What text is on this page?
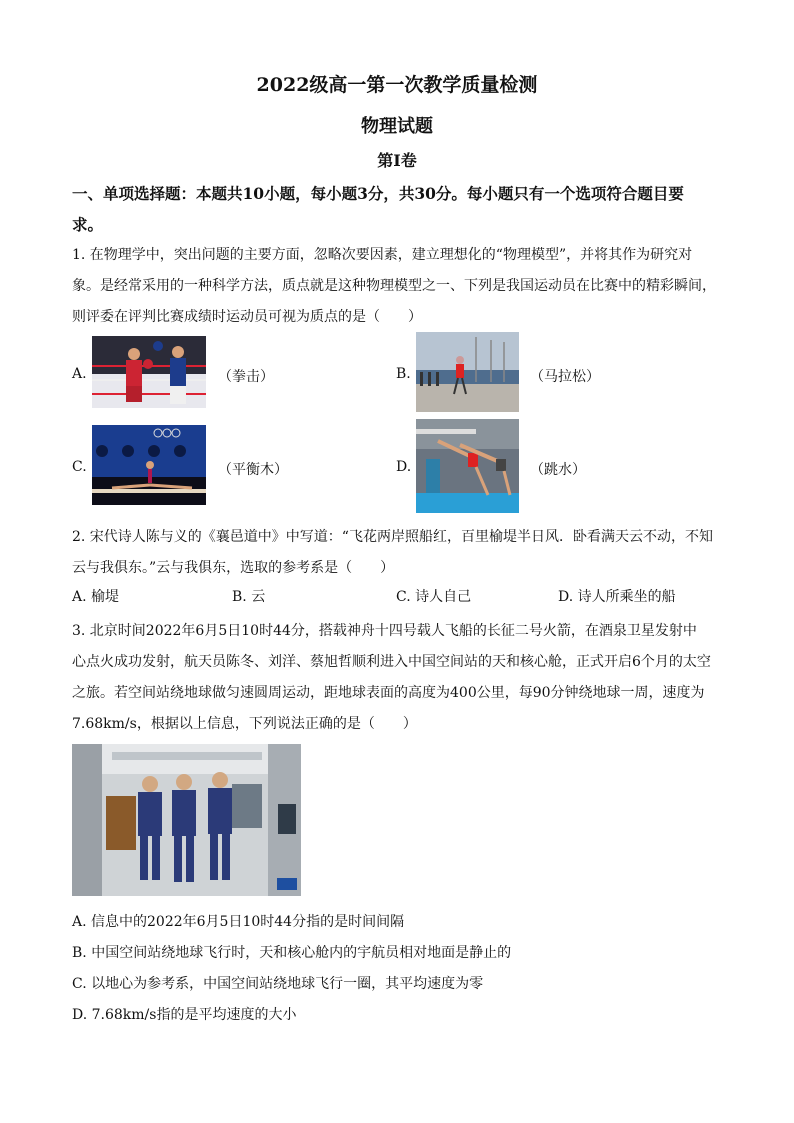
2022级高一第一次教学质量检测
物理试题
第I卷
一、单项选择题：本题共10小题，每小题3分，共30分。每小题只有一个选项符合题目要
求。
1. 在物理学中，突出问题的主要方面，忽略次要因素，建立理想化的“物理模型”，并将其作为研究对
象。是经常采用的一种科学方法，质点就是这种物理模型之一、下列是我国运动员在比赛中的精彩瞬间，
则评委在评判比赛成绩时运动员可视为质点的是（　　）
A.	（拳击）	B.	（马拉松）
C.	（平衡木）	D.	（跳水）
2. 宋代诗人陈与义的《襄邑道中》中写道：“飞花两岸照船红，百里榆堤半日风．卧看满天云不动，不知
云与我俱东。”云与我俱东，选取的参考系是（　　）
A. 榆堤	B. 云	C. 诗人自己	D. 诗人所乘坐的船
3. 北京时间2022年6月5日10时44分，搭载神舟十四号载人飞船的长征二号火箭，在酒泉卫星发射中
心点火成功发射，航天员陈冬、刘洋、蔡旭哲顺利进入中国空间站的天和核心舱，正式开启6个月的太空
之旅。若空间站绕地球做匀速圆周运动，距地球表面的高度为400公里，每90分钟绕地球一周，速度为
7.68km/s，根据以上信息，下列说法正确的是（　　）
A. 信息中的2022年6月5日10时44分指的是时间间隔
B. 中国空间站绕地球飞行时，天和核心舱内的宇航员相对地面是静止的
C. 以地心为参考系，中国空间站绕地球飞行一圈，其平均速度为零
D. 7.68km/s指的是平均速度的大小
